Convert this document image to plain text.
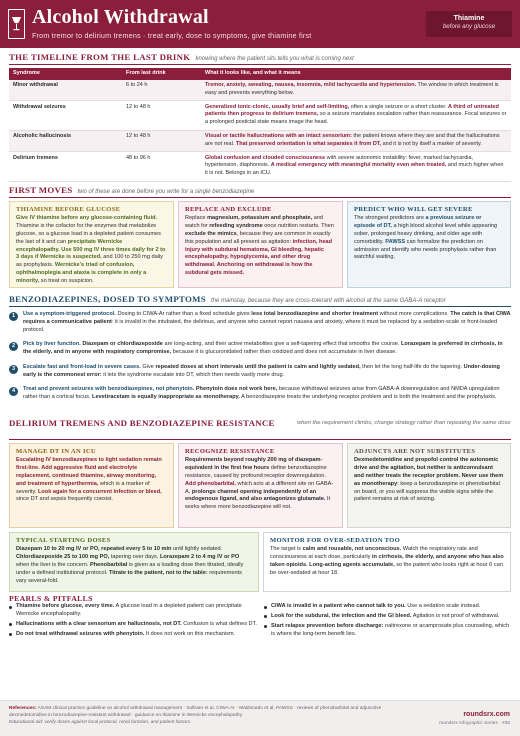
Alcohol Withdrawal
From tremor to delirium tremens · treat early, dose to symptoms, give thiamine first
Thiamine
before any glucose
THE TIMELINE FROM THE LAST DRINK knowing where the patient sits tells you what is coming next
Syndrome	From last drink	What it looks like, and what it means
Minor withdrawal	6 to 24 h	Tremor, anxiety, sweating, nausea, insomnia, mild tachycardia and hypertension. The window in which treatment is easy and prevents everything below.
Withdrawal seizures	12 to 48 h	Generalized tonic-clonic, usually brief and self-limiting, often a single seizure or a short cluster. A third of untreated patients then progress to delirium tremens, so a seizure mandates escalation rather than reassurance. Focal seizures or a prolonged postictal state means image the head.
Alcoholic hallucinosis	12 to 48 h	Visual or tactile hallucinations with an intact sensorium: the patient knows where they are and that the hallucinations are not real. That preserved orientation is what separates it from DT, and it is not by itself a marker of severity.
Delirium tremens	48 to 96 h	Global confusion and clouded consciousness with severe autonomic instability: fever, marked tachycardia, hypertension, diaphoresis. A medical emergency with meaningful mortality even when treated, and much higher when it is not. Belongs in an ICU.
FIRST MOVES two of these are done before you write for a single benzodiazepine
THIAMINE BEFORE GLUCOSE
Give IV thiamine before any glucose-containing fluid. Thiamine is the cofactor for the enzymes that metabolize glucose, so a glucose load in a depleted patient consumes the last of it and can precipitate Wernicke encephalopathy. Use 500 mg IV three times daily for 2 to 3 days if Wernicke is suspected, and 100 to 250 mg daily as prophylaxis. Wernicke's triad of confusion, ophthalmoplegia and ataxia is complete in only a minority, so treat on suspicion.
REPLACE AND EXCLUDE
Replace magnesium, potassium and phosphate, and watch for refeeding syndrome once nutrition restarts. Then exclude the mimics, because they are common in exactly this population and all present as agitation: infection, head injury with subdural hematoma, GI bleeding, hepatic encephalopathy, hypoglycemia, and other drug withdrawal. Anchoring on withdrawal is how the subdural gets missed.
PREDICT WHO WILL GET SEVERE
The strongest predictors are a previous seizure or episode of DT, a high blood alcohol level while appearing sober, prolonged heavy drinking, and older age with comorbidity. PAWSS can formalize the prediction on admission and identify who needs prophylaxis rather than watchful waiting.
BENZODIAZEPINES, DOSED TO SYMPTOMS the mainstay, because they are cross-tolerant with alcohol at the same GABA-A receptor
1	Use a symptom-triggered protocol. Dosing to CIWA-Ar rather than a fixed schedule gives less total benzodiazepine and shorter treatment without more complications. The catch is that CIWA requires a communicative patient: it is invalid in the intubated, the delirious, and anyone who cannot report nausea and anxiety, where it must be replaced by a sedation-scale or front-loaded protocol.
2	Pick by liver function. Diazepam or chlordiazepoxide are long-acting, and their active metabolites give a self-tapering effect that smooths the course. Lorazepam is preferred in cirrhosis, in the elderly, and in anyone with respiratory compromise, because it is glucuronidated rather than oxidized and does not accumulate in liver disease.
3	Escalate fast and front-load in severe cases. Give repeated doses at short intervals until the patient is calm and lightly sedated, then let the long half-life do the tapering. Under-dosing early is the commonest error: it lets the syndrome escalate into DT, which then needs vastly more drug.
4	Treat and prevent seizures with benzodiazepines, not phenytoin. Phenytoin does not work here, because withdrawal seizures arise from GABA-A downregulation and NMDA upregulation rather than a cortical focus. Levetiracetam is equally inappropriate as monotherapy. A benzodiazepine treats the underlying receptor problem and is both the treatment and the prophylaxis.
DELIRIUM TREMENS AND BENZODIAZEPINE RESISTANCE	when the requirement climbs, change strategy rather than repeating the same dose
MANAGE DT IN AN ICU
Escalating IV benzodiazepines to light sedation remain first-line. Add aggressive fluid and electrolyte replacement, continued thiamine, airway monitoring, and treatment of hyperthermia, which is a marker of severity. Look again for a concurrent infection or bleed, since DT and sepsis frequently coexist.
RECOGNIZE RESISTANCE
Requirements beyond roughly 200 mg of diazepam-equivalent in the first few hours define benzodiazepine resistance, caused by profound receptor downregulation. Add phenobarbital, which acts at a different site on GABA-A, prolongs channel opening independently of an endogenous ligand, and also antagonizes glutamate. It works where more benzodiazepine will not.
ADJUNCTS ARE NOT SUBSTITUTES
Dexmedetomidine and propofol control the autonomic drive and the agitation, but neither is anticonvulsant and neither treats the receptor problem. Never use them as monotherapy: keep a benzodiazepine or phenobarbital on board, or you will suppress the visible signs while the patient remains at risk of seizing.
TYPICAL STARTING DOSES
Diazepam 10 to 20 mg IV or PO, repeated every 5 to 10 min until lightly sedated. Chlordiazepoxide 25 to 100 mg PO, tapering over days. Lorazepam 2 to 4 mg IV or PO when the liver is the concern. Phenobarbital is given as a loading dose then titrated, ideally under a defined institutional protocol. Titrate to the patient, not to the table: requirements vary several-fold.
MONITOR FOR OVER-SEDATION TOO
The target is calm and rousable, not unconscious. Watch the respiratory rate and consciousness at each dose, particularly in cirrhosis, the elderly, and anyone who has also taken opioids. Long-acting agents accumulate, so the patient who looks right at hour 6 can be over-sedated at hour 18.
PEARLS & PITFALLS
Thiamine before glucose, every time. A glucose load in a depleted patient can precipitate Wernicke encephalopathy.
Hallucinations with a clear sensorium are hallucinosis, not DT. Confusion is what defines DT.
Do not treat withdrawal seizures with phenytoin. It does not work on this mechanism.
CIWA is invalid in a patient who cannot talk to you. Use a sedation scale instead.
Look for the subdural, the infection and the GI bleed. Agitation is not proof of withdrawal.
Start relapse prevention before discharge: naltrexone or acamprosate plus counseling, which is where the long-term benefit lies.
References: ASAM clinical practice guideline on alcohol withdrawal management · Sullivan et al, CIWA-Ar · Maldonado et al, PAWSS · reviews of phenobarbital and adjunctive dexmedetomidine in benzodiazepine-resistant withdrawal · guidance on thiamine in Wernicke encephalopathy.
Educational aid: verify doses against local protocol, renal function, and patient factors.
roundsrx.com
roundsrx Infographic Series · #36
